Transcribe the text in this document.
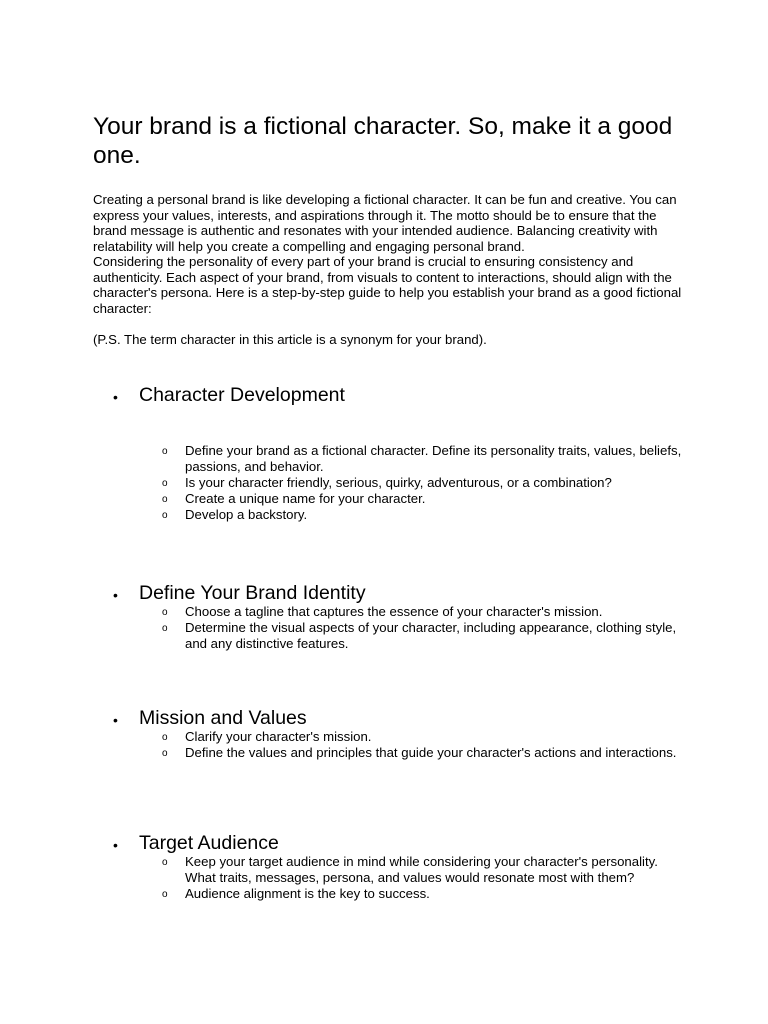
Your brand is a fictional character. So, make it a good one.

Creating a personal brand is like developing a fictional character. It can be fun and creative. You can express your values, interests, and aspirations through it. The motto should be to ensure that the brand message is authentic and resonates with your intended audience. Balancing creativity with relatability will help you create a compelling and engaging personal brand.

Considering the personality of every part of your brand is crucial to ensuring consistency and authenticity. Each aspect of your brand, from visuals to content to interactions, should align with the character's persona. Here is a step-by-step guide to help you establish your brand as a good fictional character:

(P.S. The term character in this article is a synonym for your brand).

• Character Development
o Define your brand as a fictional character. Define its personality traits, values, beliefs, passions, and behavior.
o Is your character friendly, serious, quirky, adventurous, or a combination?
o Create a unique name for your character.
o Develop a backstory.
• Define Your Brand Identity
o Choose a tagline that captures the essence of your character's mission.
o Determine the visual aspects of your character, including appearance, clothing style, and any distinctive features.
• Mission and Values
o Clarify your character's mission.
o Define the values and principles that guide your character's actions and interactions.
• Target Audience
o Keep your target audience in mind while considering your character's personality. What traits, messages, persona, and values would resonate most with them?
o Audience alignment is the key to success.
